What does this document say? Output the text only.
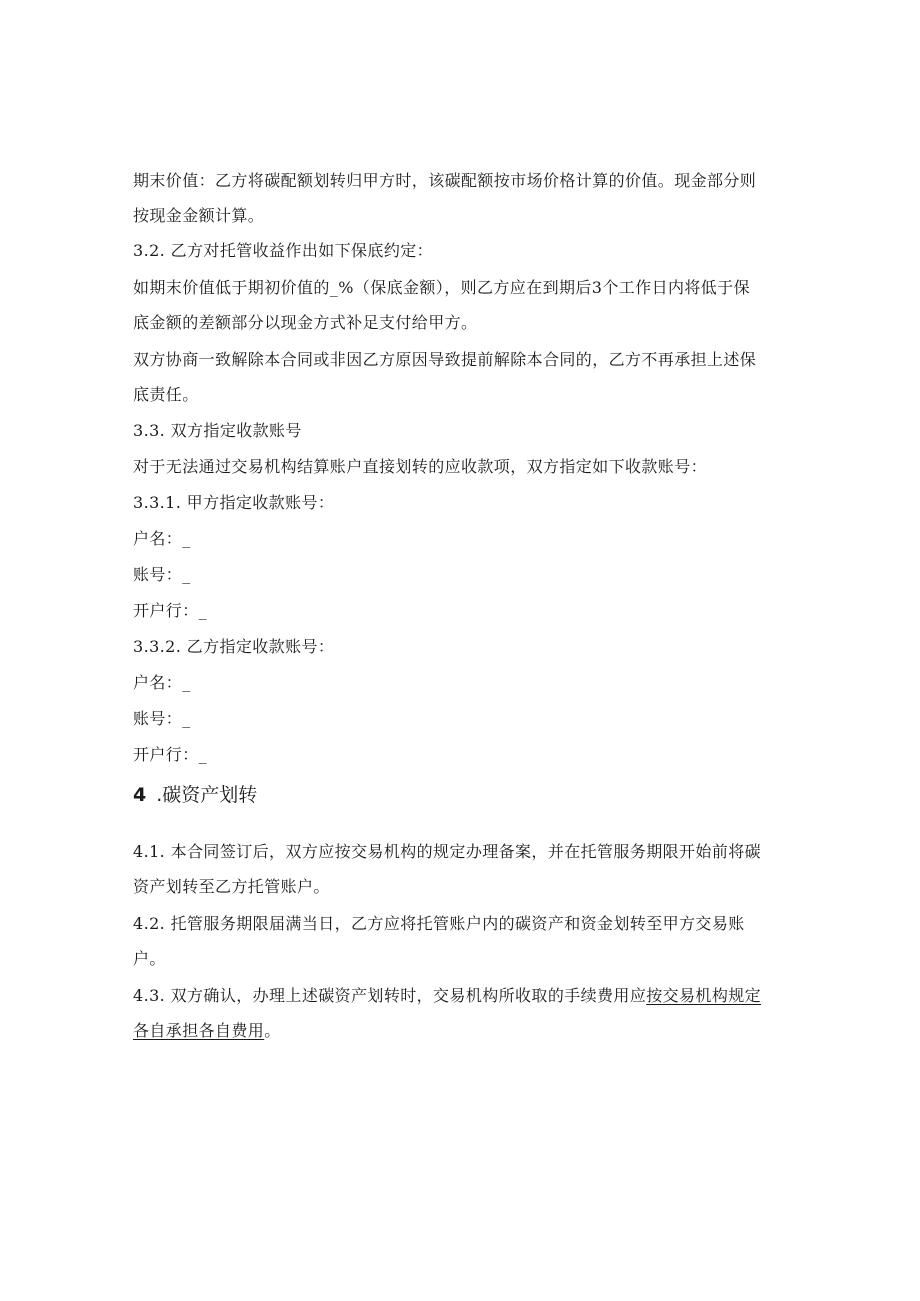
期末价值：乙方将碳配额划转归甲方时，该碳配额按市场价格计算的价值。现金部分则
按现金金额计算。
3.2. 乙方对托管收益作出如下保底约定：
如期末价值低于期初价值的_%（保底金额），则乙方应在到期后3个工作日内将低于保
底金额的差额部分以现金方式补足支付给甲方。
双方协商一致解除本合同或非因乙方原因导致提前解除本合同的，乙方不再承担上述保
底责任。
3.3. 双方指定收款账号
对于无法通过交易机构结算账户直接划转的应收款项，双方指定如下收款账号：
3.3.1. 甲方指定收款账号：
户名：_
账号：_
开户行：_
3.3.2. 乙方指定收款账号：
户名：_
账号：_
开户行：_
4 .碳资产划转
4.1. 本合同签订后，双方应按交易机构的规定办理备案，并在托管服务期限开始前将碳
资产划转至乙方托管账户。
4.2. 托管服务期限届满当日，乙方应将托管账户内的碳资产和资金划转至甲方交易账
户。
4.3. 双方确认，办理上述碳资产划转时，交易机构所收取的手续费用应按交易机构规定
各自承担各自费用。
